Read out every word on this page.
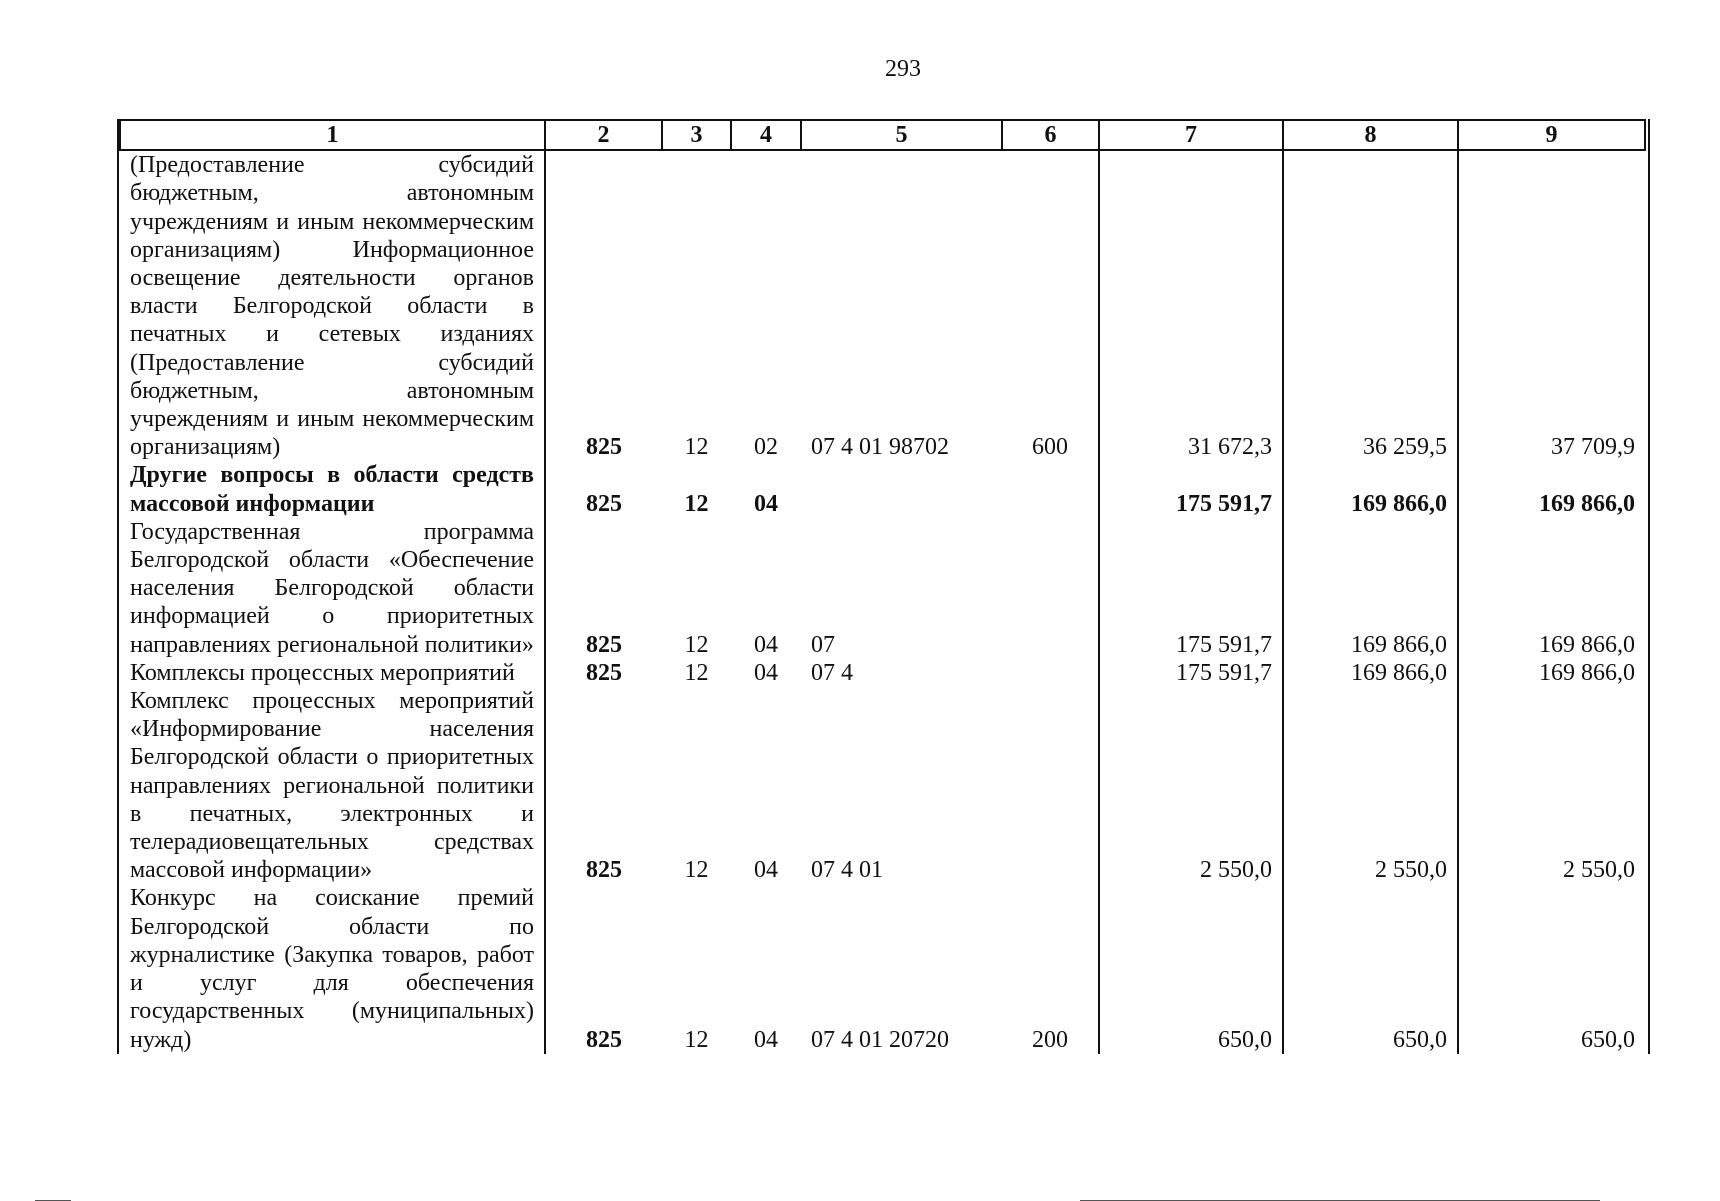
293
1	2	3	4	5	6	7	8	9
(Предоставление субсидий бюджетным, автономным учреждениям и иным некоммерческим организациям) Информационное освещение деятельности органов власти Белгородской области в печатных и сетевых изданиях (Предоставление субсидий бюджетным, автономным учреждениям и иным некоммерческим организациям)	825	12	02	07 4 01 98702	600	31 672,3	36 259,5	37 709,9
Другие вопросы в области средств массовой информации	825	12	04			175 591,7	169 866,0	169 866,0
Государственная программа Белгородской области «Обеспечение населения Белгородской области информацией о приоритетных направлениях региональной политики»	825	12	04	07		175 591,7	169 866,0	169 866,0
Комплексы процессных мероприятий	825	12	04	07 4		175 591,7	169 866,0	169 866,0
Комплекс процессных мероприятий «Информирование населения Белгородской области о приоритетных направлениях региональной политики в печатных, электронных и телерадиовещательных средствах массовой информации»	825	12	04	07 4 01		2 550,0	2 550,0	2 550,0
Конкурс на соискание премий Белгородской области по журналистике (Закупка товаров, работ и услуг для обеспечения государственных (муниципальных) нужд)	825	12	04	07 4 01 20720	200	650,0	650,0	650,0
